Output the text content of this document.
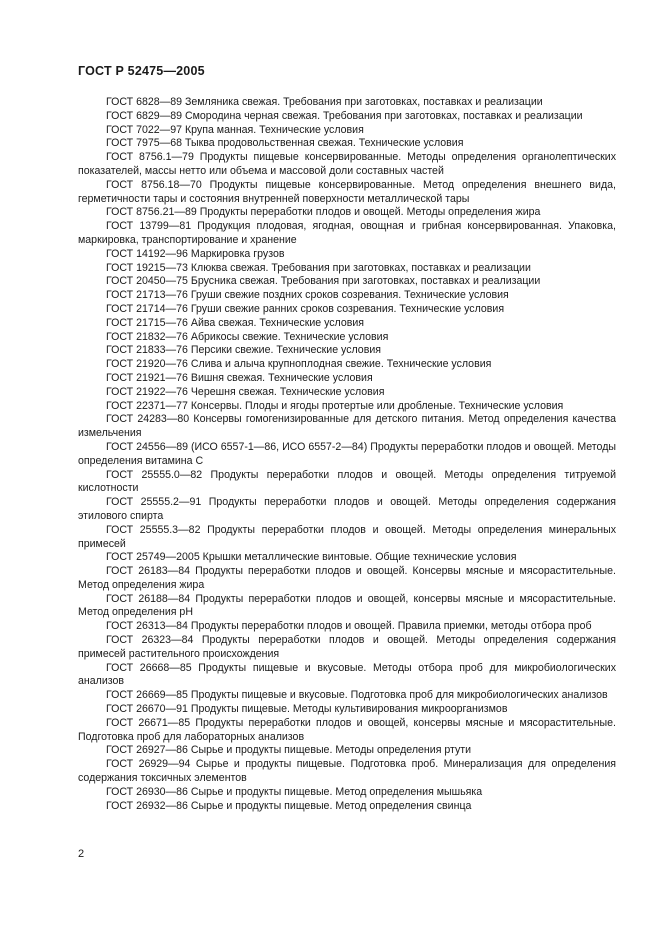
ГОСТ Р 52475—2005

ГОСТ 6828—89 Земляника свежая. Требования при заготовках, поставках и реализации

ГОСТ 6829—89 Смородина черная свежая. Требования при заготовках, поставках и реализации

ГОСТ 7022—97 Крупа манная. Технические условия

ГОСТ 7975—68 Тыква продовольственная свежая. Технические условия

ГОСТ 8756.1—79 Продукты пищевые консервированные. Методы определения органолептических показателей, массы нетто или объема и массовой доли составных частей

ГОСТ 8756.18—70 Продукты пищевые консервированные. Метод определения внешнего вида, герметичности тары и состояния внутренней поверхности металлической тары

ГОСТ 8756.21—89 Продукты переработки плодов и овощей. Методы определения жира

ГОСТ 13799—81 Продукция плодовая, ягодная, овощная и грибная консервированная. Упаковка, маркировка, транспортирование и хранение

ГОСТ 14192—96 Маркировка грузов

ГОСТ 19215—73 Клюква свежая. Требования при заготовках, поставках и реализации

ГОСТ 20450—75 Брусника свежая. Требования при заготовках, поставках и реализации

ГОСТ 21713—76 Груши свежие поздних сроков созревания. Технические условия

ГОСТ 21714—76 Груши свежие ранних сроков созревания. Технические условия

ГОСТ 21715—76 Айва свежая. Технические условия

ГОСТ 21832—76 Абрикосы свежие. Технические условия

ГОСТ 21833—76 Персики свежие. Технические условия

ГОСТ 21920—76 Слива и алыча крупноплодная свежие. Технические условия

ГОСТ 21921—76 Вишня свежая. Технические условия

ГОСТ 21922—76 Черешня свежая. Технические условия

ГОСТ 22371—77 Консервы. Плоды и ягоды протертые или дробленые. Технические условия

ГОСТ 24283—80 Консервы гомогенизированные для детского питания. Метод определения качества измельчения

ГОСТ 24556—89 (ИСО 6557-1—86, ИСО 6557-2—84) Продукты переработки плодов и овощей. Методы определения витамина С

ГОСТ 25555.0—82 Продукты переработки плодов и овощей. Методы определения титруемой кислотности

ГОСТ 25555.2—91 Продукты переработки плодов и овощей. Методы определения содержания этилового спирта

ГОСТ 25555.3—82 Продукты переработки плодов и овощей. Методы определения минеральных примесей

ГОСТ 25749—2005 Крышки металлические винтовые. Общие технические условия

ГОСТ 26183—84 Продукты переработки плодов и овощей. Консервы мясные и мясорастительные. Метод определения жира

ГОСТ 26188—84 Продукты переработки плодов и овощей, консервы мясные и мясорастительные. Метод определения pH

ГОСТ 26313—84 Продукты переработки плодов и овощей. Правила приемки, методы отбора проб

ГОСТ 26323—84 Продукты переработки плодов и овощей. Методы определения содержания примесей растительного происхождения

ГОСТ 26668—85 Продукты пищевые и вкусовые. Методы отбора проб для микробиологических анализов

ГОСТ 26669—85 Продукты пищевые и вкусовые. Подготовка проб для микробиологических анализов

ГОСТ 26670—91 Продукты пищевые. Методы культивирования микроорганизмов

ГОСТ 26671—85 Продукты переработки плодов и овощей, консервы мясные и мясорастительные. Подготовка проб для лабораторных анализов

ГОСТ 26927—86 Сырье и продукты пищевые. Методы определения ртути

ГОСТ 26929—94 Сырье и продукты пищевые. Подготовка проб. Минерализация для определения содержания токсичных элементов

ГОСТ 26930—86 Сырье и продукты пищевые. Метод определения мышьяка

ГОСТ 26932—86 Сырье и продукты пищевые. Метод определения свинца

2
